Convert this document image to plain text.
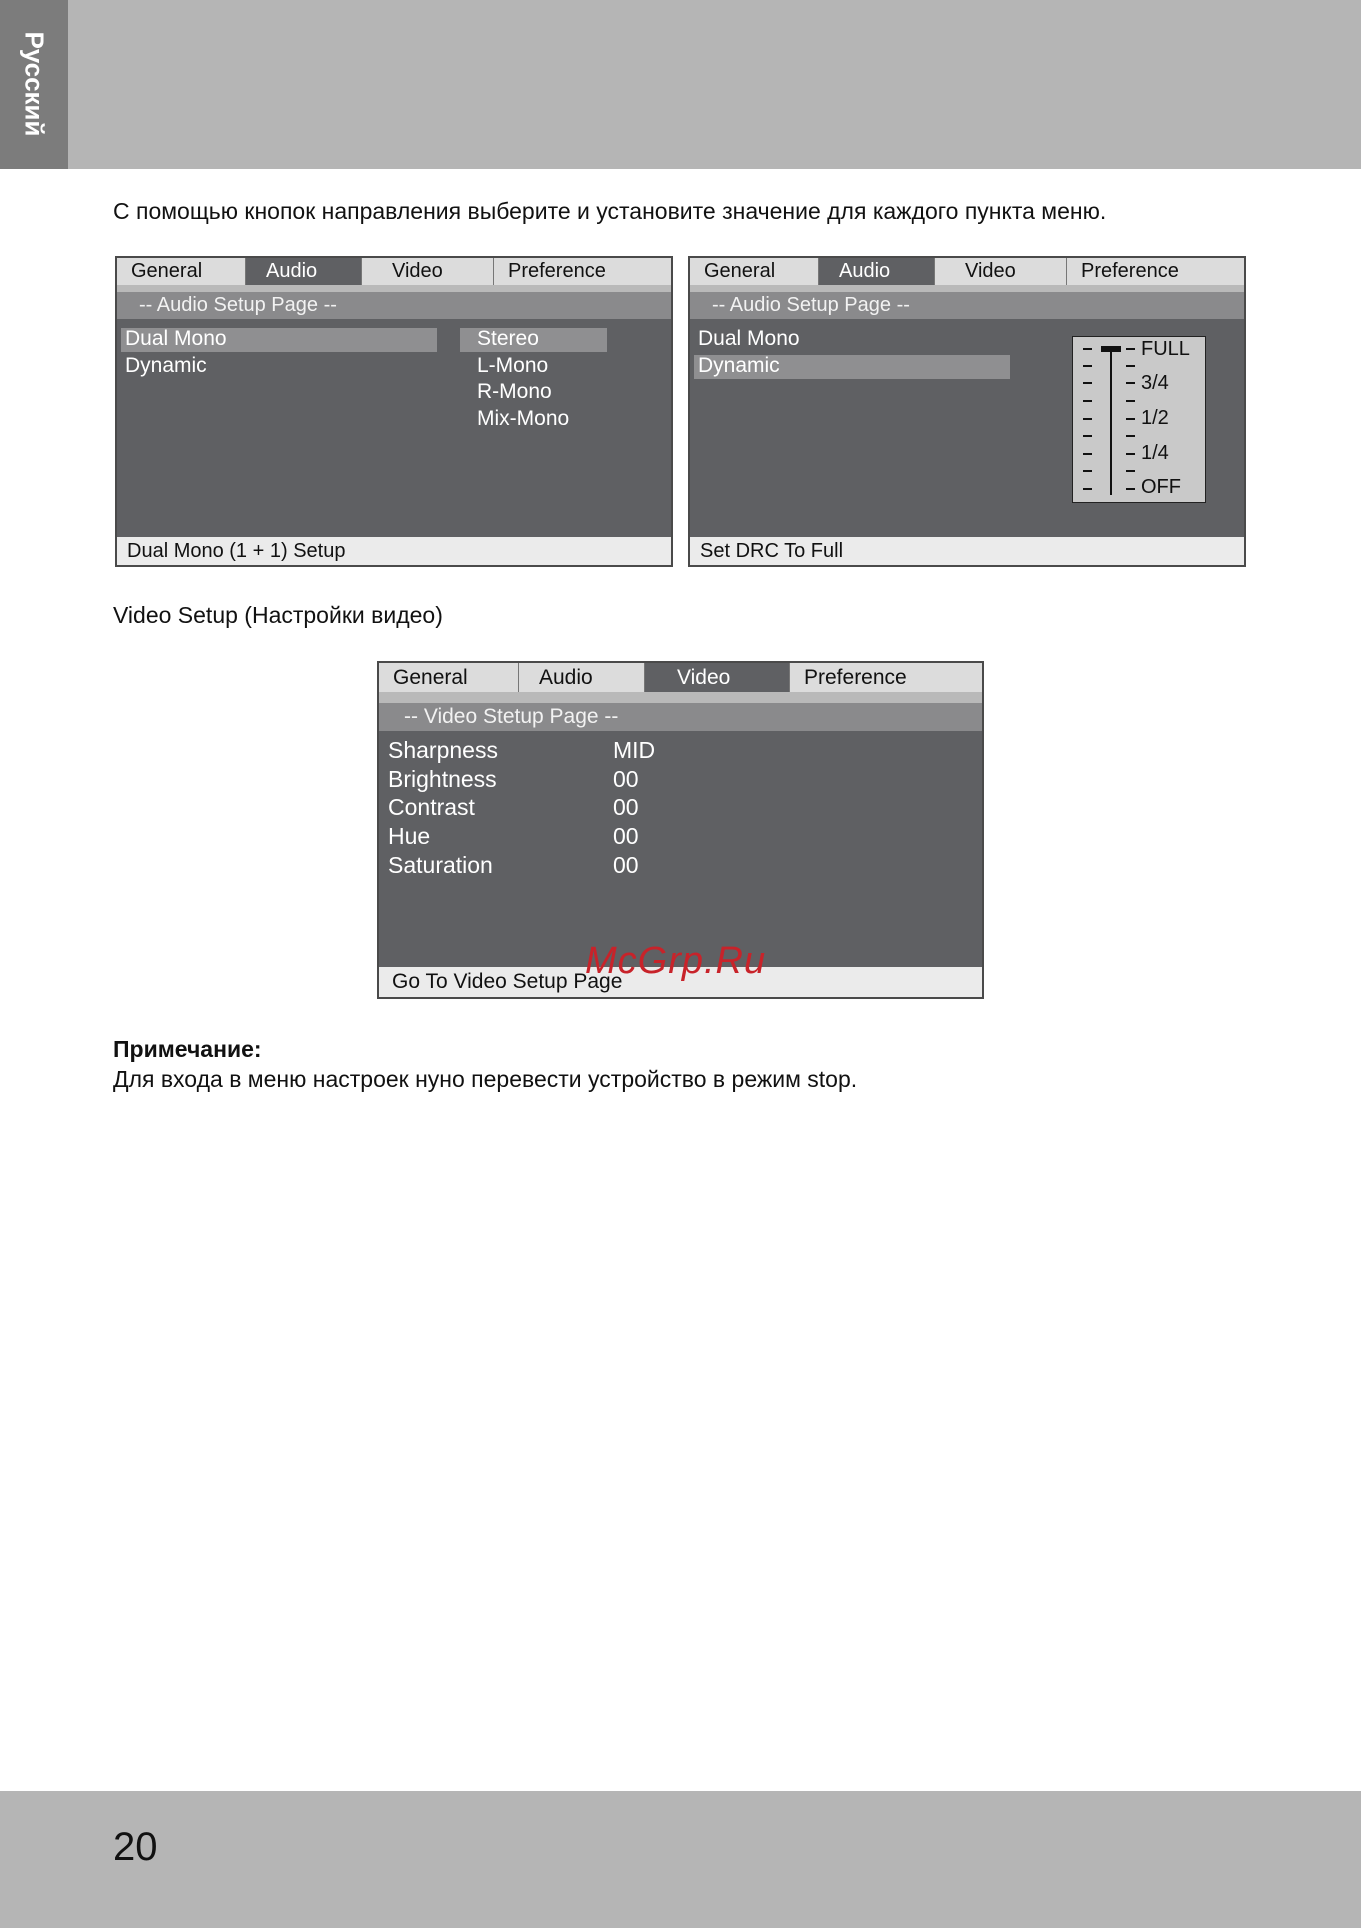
Русский
С помощью кнопок направления выберите и установите значение для каждого пункта меню.
General	Audio	Video	Preference
-- Audio Setup Page --
Dual Mono
Dynamic
Stereo
L-Mono
R-Mono
Mix-Mono
Dual Mono (1 + 1) Setup
General	Audio	Video	Preference
-- Audio Setup Page --
Dual Mono
Dynamic
FULL
3/4
1/2
1/4
OFF
Set DRC To Full
Video Setup (Настройки видео)
General	Audio	Video	Preference
-- Video Stetup Page --
Sharpness	MID
Brightness	00
Contrast	00
Hue	00
Saturation	00
Go To Video Setup Page
McGrp.Ru
Примечание:
Для входа в меню настроек нуно перевести устройство в режим stop.
20
